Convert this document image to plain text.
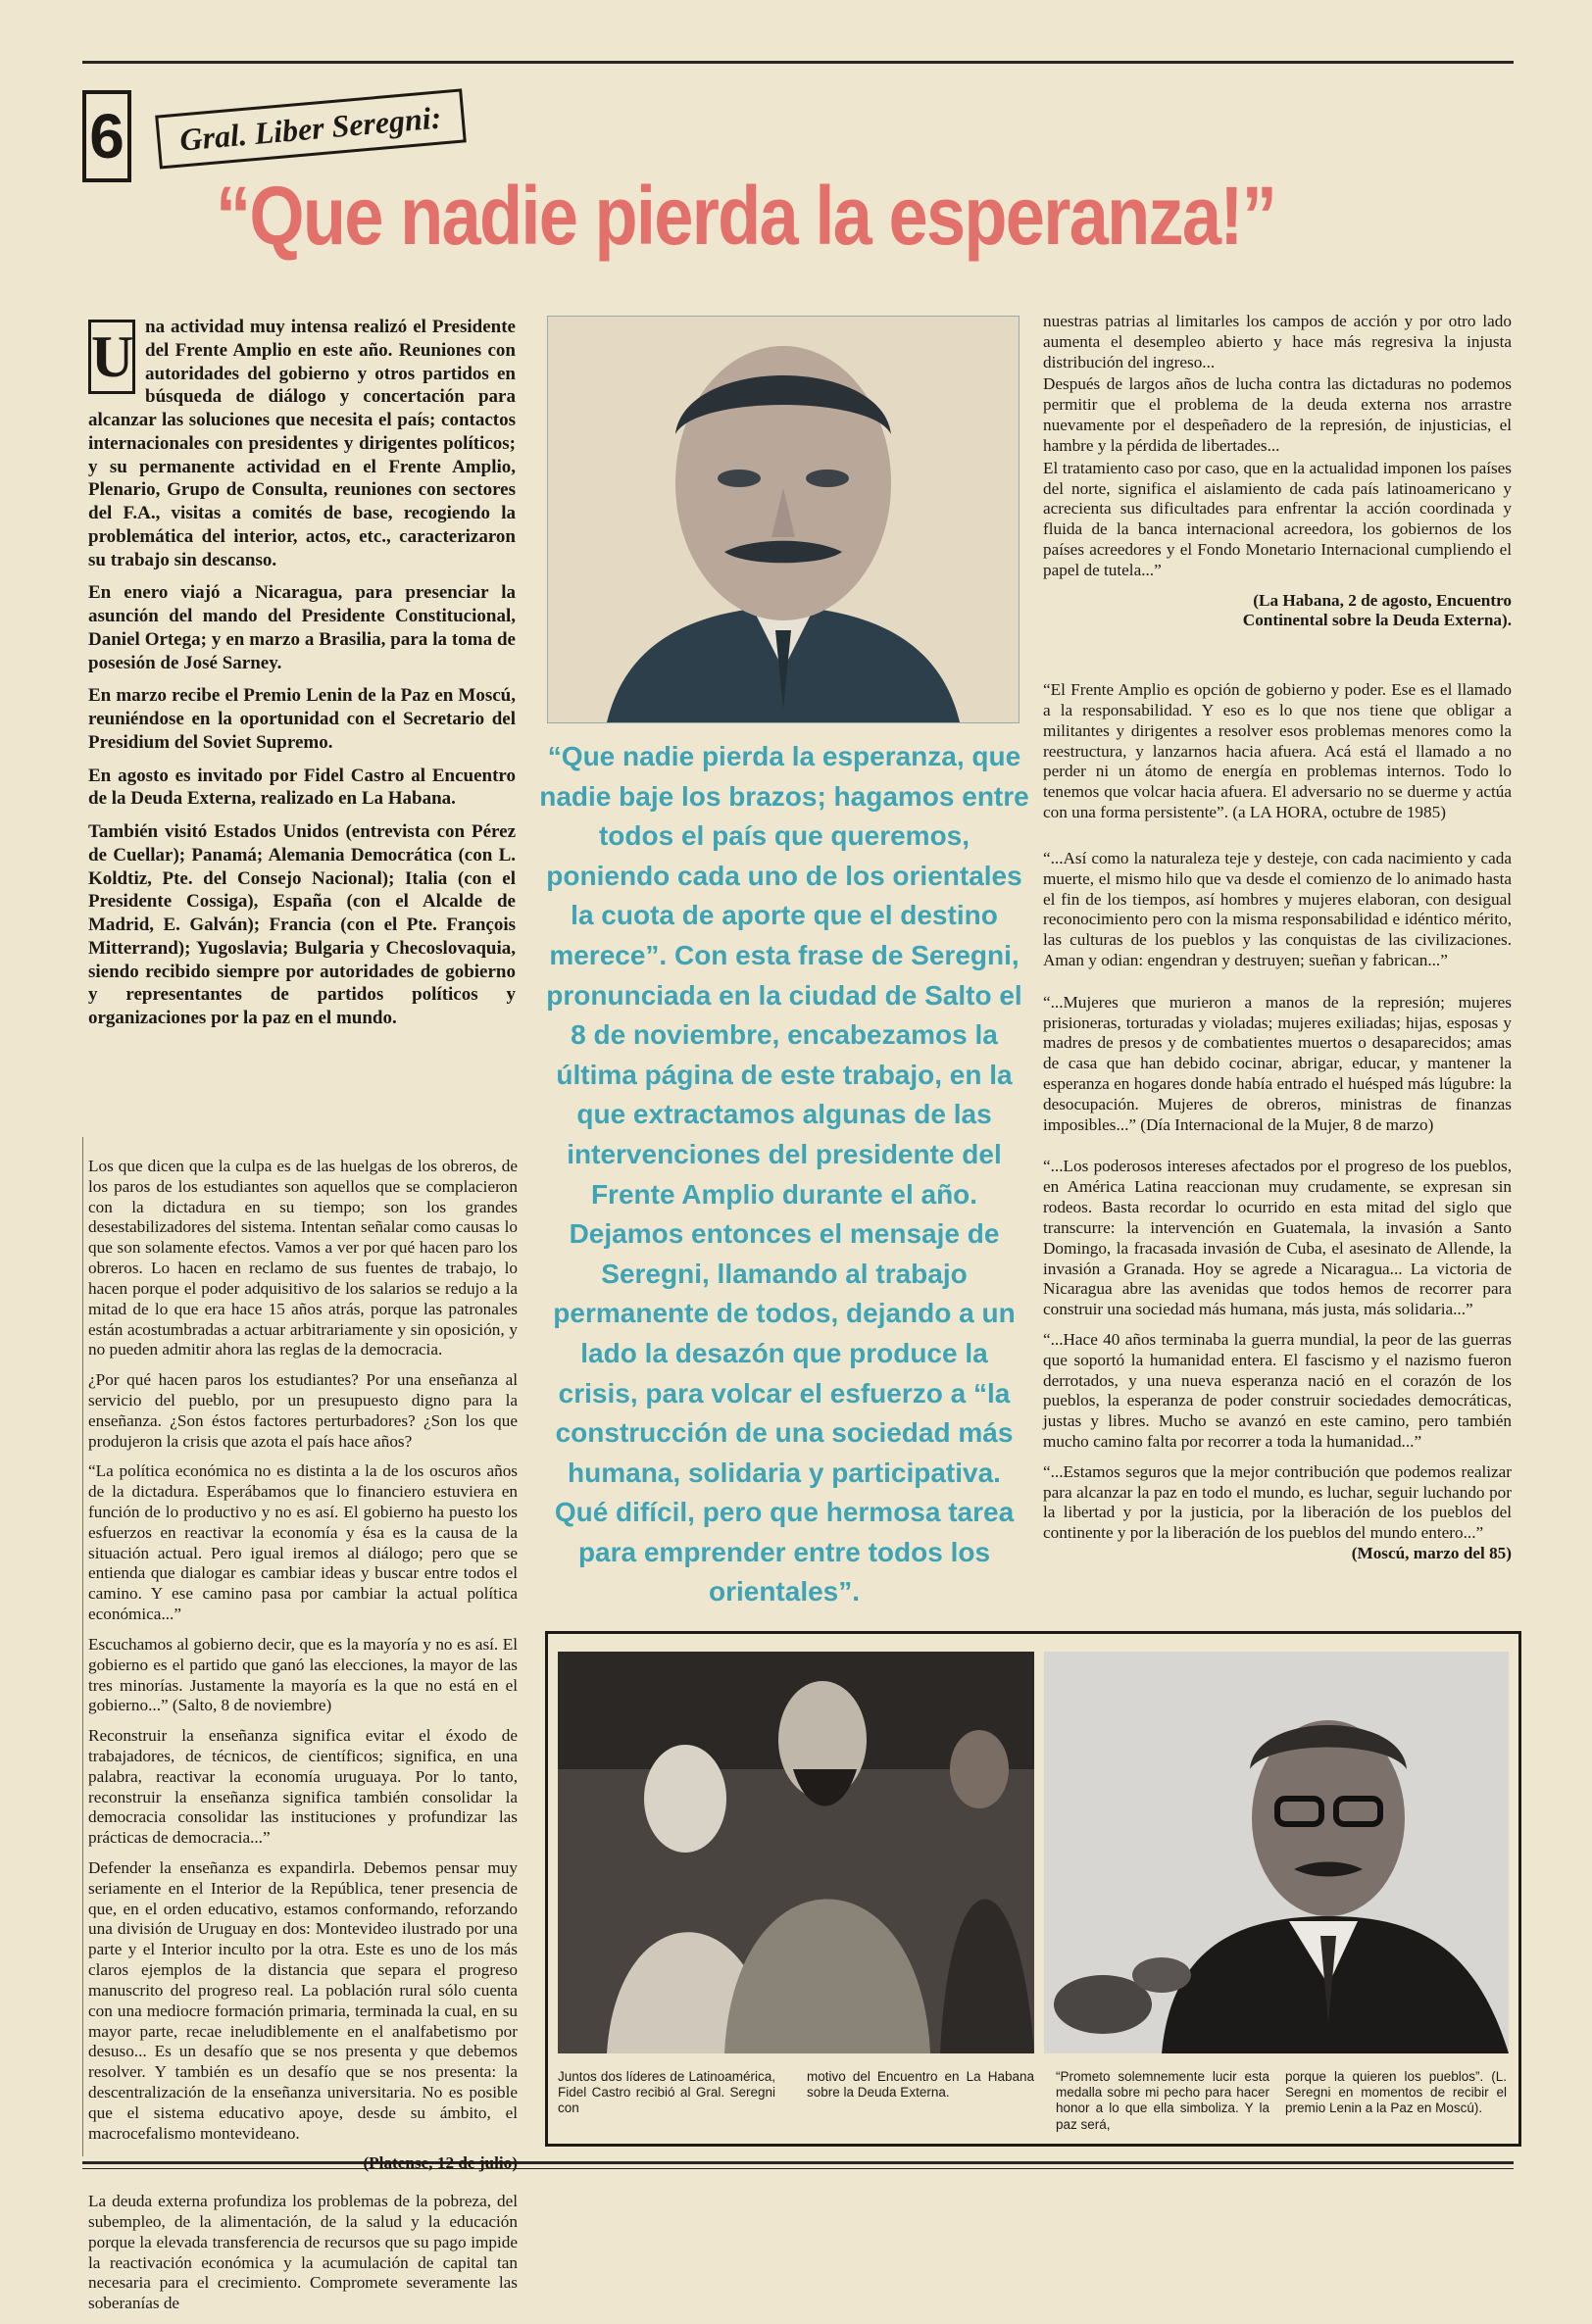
6	Gral. Liber Seregni:
“Que nadie pierda la esperanza!”
U na actividad muy intensa realizó el Presidente del Frente Amplio en este año. Reuniones con autoridades del gobierno y otros partidos en búsqueda de diálogo y concertación para alcanzar las soluciones que necesita el país; contactos internacionales con presidentes y dirigentes políticos; y su permanente actividad en el Frente Amplio, Plenario, Grupo de Consulta, reuniones con sectores del F.A., visitas a comités de base, recogiendo la problemática del interior, actos, etc., caracterizaron su trabajo sin descanso.

En enero viajó a Nicaragua, para presenciar la asunción del mando del Presidente Constitucional, Daniel Ortega; y en marzo a Brasilia, para la toma de posesión de José Sarney.

En marzo recibe el Premio Lenin de la Paz en Moscú, reuniéndose en la oportunidad con el Secretario del Presidium del Soviet Supremo.

En agosto es invitado por Fidel Castro al Encuentro de la Deuda Externa, realizado en La Habana.

También visitó Estados Unidos (entrevista con Pérez de Cuellar); Panamá; Alemania Democrática (con L. Koldtiz, Pte. del Consejo Nacional); Italia (con el Presidente Cossiga), España (con el Alcalde de Madrid, E. Galván); Francia (con el Pte. François Mitterrand); Yugoslavia; Bulgaria y Checoslovaquia, siendo recibido siempre por autoridades de gobierno y representantes de partidos políticos y organizaciones por la paz en el mundo.

Los que dicen que la culpa es de las huelgas de los obreros, de los paros de los estudiantes son aquellos que se complacieron con la dictadura en su tiempo; son los grandes desestabilizadores del sistema. Intentan señalar como causas lo que son solamente efectos. Vamos a ver por qué hacen paro los obreros. Lo hacen en reclamo de sus fuentes de trabajo, lo hacen porque el poder adquisitivo de los salarios se redujo a la mitad de lo que era hace 15 años atrás, porque las patronales están acostumbradas a actuar arbitrariamente y sin oposición, y no pueden admitir ahora las reglas de la democracia.

¿Por qué hacen paros los estudiantes? Por una enseñanza al servicio del pueblo, por un presupuesto digno para la enseñanza. ¿Son éstos factores perturbadores? ¿Son los que produjeron la crisis que azota el país hace años?

“La política económica no es distinta a la de los oscuros años de la dictadura. Esperábamos que lo financiero estuviera en función de lo productivo y no es así. El gobierno ha puesto los esfuerzos en reactivar la economía y ésa es la causa de la situación actual. Pero igual iremos al diálogo; pero que se entienda que dialogar es cambiar ideas y buscar entre todos el camino. Y ese camino pasa por cambiar la actual política económica...”

Escuchamos al gobierno decir, que es la mayoría y no es así. El gobierno es el partido que ganó las elecciones, la mayor de las tres minorías. Justamente la mayoría es la que no está en el gobierno...” (Salto, 8 de noviembre)

Reconstruir la enseñanza significa evitar el éxodo de trabajadores, de técnicos, de científicos; significa, en una palabra, reactivar la economía uruguaya. Por lo tanto, reconstruir la enseñanza significa también consolidar la democracia consolidar las instituciones y profundizar las prácticas de democracia...”

Defender la enseñanza es expandirla. Debemos pensar muy seriamente en el Interior de la República, tener presencia de que, en el orden educativo, estamos conformando, reforzando una división de Uruguay en dos: Montevideo ilustrado por una parte y el Interior inculto por la otra. Este es uno de los más claros ejemplos de la distancia que separa el progreso manuscrito del progreso real. La población rural sólo cuenta con una mediocre formación primaria, terminada la cual, en su mayor parte, recae ineludiblemente en el analfabetismo por desuso... Es un desafío que se nos presenta y que debemos resolver. Y también es un desafío que se nos presenta: la descentralización de la enseñanza universitaria. No es posible que el sistema educativo apoye, desde su ámbito, el macrocefalismo montevideano.

(Platense, 12 de julio)

La deuda externa profundiza los problemas de la pobreza, del subempleo, de la alimentación, de la salud y la educación porque la elevada transferencia de recursos que su pago impide la reactivación económica y la acumulación de capital tan necesaria para el crecimiento. Compromete severamente las soberanías de

“Que nadie pierda la esperanza, que nadie baje los brazos; hagamos entre todos el país que queremos, poniendo cada uno de los orientales la cuota de aporte que el destino merece”. Con esta frase de Seregni, pronunciada en la ciudad de Salto el 8 de noviembre, encabezamos la última página de este trabajo, en la que extractamos algunas de las intervenciones del presidente del Frente Amplio durante el año. Dejamos entonces el mensaje de Seregni, llamando al trabajo permanente de todos, dejando a un lado la desazón que produce la crisis, para volcar el esfuerzo a “la construcción de una sociedad más humana, solidaria y participativa. Qué difícil, pero que hermosa tarea para emprender entre todos los orientales”.

nuestras patrias al limitarles los campos de acción y por otro lado aumenta el desempleo abierto y hace más regresiva la injusta distribución del ingreso...

Después de largos años de lucha contra las dictaduras no podemos permitir que el problema de la deuda externa nos arrastre nuevamente por el despeñadero de la represión, de injusticias, el hambre y la pérdida de libertades...

El tratamiento caso por caso, que en la actualidad imponen los países del norte, significa el aislamiento de cada país latinoamericano y acrecienta sus dificultades para enfrentar la acción coordinada y fluida de la banca internacional acreedora, los gobiernos de los países acreedores y el Fondo Monetario Internacional cumpliendo el papel de tutela...”

(La Habana, 2 de agosto, Encuentro Continental sobre la Deuda Externa).

“El Frente Amplio es opción de gobierno y poder. Ese es el llamado a la responsabilidad. Y eso es lo que nos tiene que obligar a militantes y dirigentes a resolver esos problemas menores como la reestructura, y lanzarnos hacia afuera. Acá está el llamado a no perder ni un átomo de energía en problemas internos. Todo lo tenemos que volcar hacia afuera. El adversario no se duerme y actúa con una forma persistente”. (a LA HORA, octubre de 1985)

“...Así como la naturaleza teje y desteje, con cada nacimiento y cada muerte, el mismo hilo que va desde el comienzo de lo animado hasta el fin de los tiempos, así hombres y mujeres elaboran, con desigual reconocimiento pero con la misma responsabilidad e idéntico mérito, las culturas de los pueblos y las conquistas de las civilizaciones. Aman y odian: engendran y destruyen; sueñan y fabrican...”

“...Mujeres que murieron a manos de la represión; mujeres prisioneras, torturadas y violadas; mujeres exiliadas; hijas, esposas y madres de presos y de combatientes muertos o desaparecidos; amas de casa que han debido cocinar, abrigar, educar, y mantener la esperanza en hogares donde había entrado el huésped más lúgubre: la desocupación. Mujeres de obreros, ministras de finanzas imposibles...” (Día Internacional de la Mujer, 8 de marzo)

“...Los poderosos intereses afectados por el progreso de los pueblos, en América Latina reaccionan muy crudamente, se expresan sin rodeos. Basta recordar lo ocurrido en esta mitad del siglo que transcurre: la intervención en Guatemala, la invasión a Santo Domingo, la fracasada invasión de Cuba, el asesinato de Allende, la invasión a Granada. Hoy se agrede a Nicaragua... La victoria de Nicaragua abre las avenidas que todos hemos de recorrer para construir una sociedad más humana, más justa, más solidaria...”

“...Hace 40 años terminaba la guerra mundial, la peor de las guerras que soportó la humanidad entera. El fascismo y el nazismo fueron derrotados, y una nueva esperanza nació en el corazón de los pueblos, la esperanza de poder construir sociedades democráticas, justas y libres. Mucho se avanzó en este camino, pero también mucho camino falta por recorrer a toda la humanidad...”

“...Estamos seguros que la mejor contribución que podemos realizar para alcanzar la paz en todo el mundo, es luchar, seguir luchando por la libertad y por la justicia, por la liberación de los pueblos del continente y por la liberación de los pueblos del mundo entero...”

(Moscú, marzo del 85)

Juntos dos líderes de Latinoamérica, Fidel Castro recibió al Gral. Seregni con
motivo del Encuentro en La Habana sobre la Deuda Externa.
“Prometo solemnemente lucir esta medalla sobre mi pecho para hacer honor a lo que ella simboliza. Y la paz será,
porque la quieren los pueblos”. (L. Seregni en momentos de recibir el premio Lenin a la Paz en Moscú).
